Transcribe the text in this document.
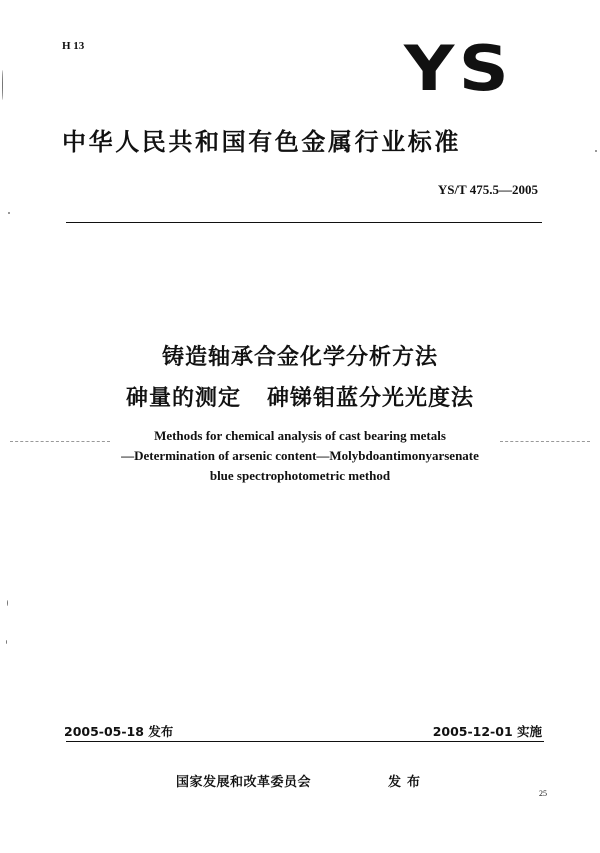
H 13	YS
中华人民共和国有色金属行业标准
YS/T 475.5—2005
铸造轴承合金化学分析方法
砷量的测定   砷锑钼蓝分光光度法
Methods for chemical analysis of cast bearing metals
—Determination of arsenic content—Molybdoantimonyarsenate
blue spectrophotometric method
2005-05-18 发布	2005-12-01 实施
国家发展和改革委员会	发布
25
